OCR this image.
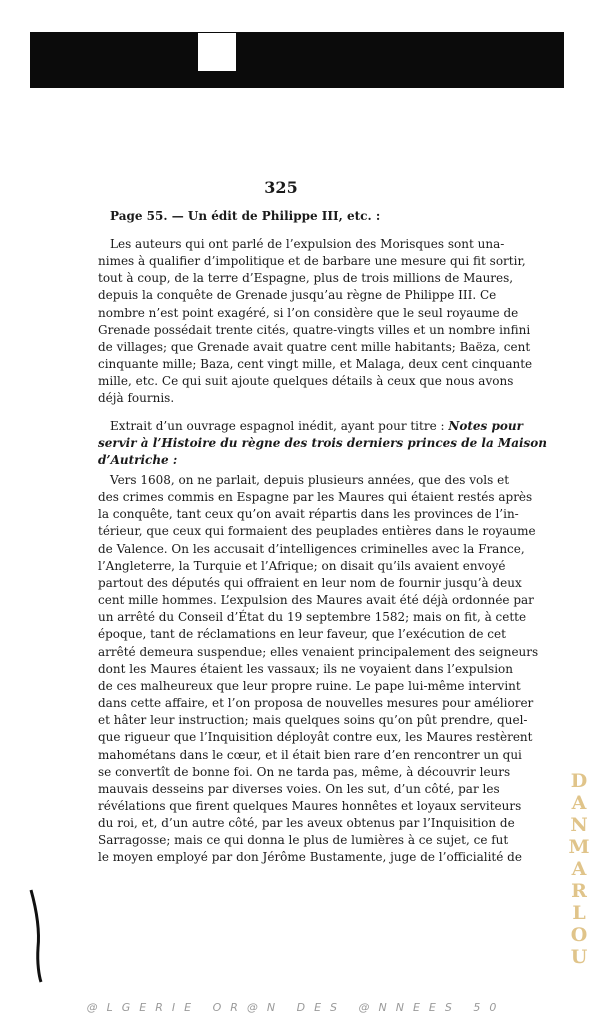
325
Page 55. — Un édit de Philippe III, etc. :
Les auteurs qui ont parlé de l’expulsion des Morisques sont una-
nimes à qualifier d’impolitique et de barbare une mesure qui fit sortir,
tout à coup, de la terre d’Espagne, plus de trois millions de Maures,
depuis la conquête de Grenade jusqu’au règne de Philippe III. Ce
nombre n’est point exagéré, si l’on considère que le seul royaume de
Grenade possédait trente cités, quatre-vingts villes et un nombre infini
de villages; que Grenade avait quatre cent mille habitants; Baëza, cent
cinquante mille; Baza, cent vingt mille, et Malaga, deux cent cinquante
mille, etc. Ce qui suit ajoute quelques détails à ceux que nous avons
déjà fournis.
Extrait d’un ouvrage espagnol inédit, ayant pour titre : Notes pour
servir à l’Histoire du règne des trois derniers princes de la Maison
d’Autriche :
Vers 1608, on ne parlait, depuis plusieurs années, que des vols et
des crimes commis en Espagne par les Maures qui étaient restés après
la conquête, tant ceux qu’on avait répartis dans les provinces de l’in-
térieur, que ceux qui formaient des peuplades entières dans le royaume
de Valence. On les accusait d’intelligences criminelles avec la France,
l’Angleterre, la Turquie et l’Afrique; on disait qu’ils avaient envoyé
partout des députés qui offraient en leur nom de fournir jusqu’à deux
cent mille hommes. L’expulsion des Maures avait été déjà ordonnée par
un arrêté du Conseil d’État du 19 septembre 1582; mais on fit, à cette
époque, tant de réclamations en leur faveur, que l’exécution de cet
arrêté demeura suspendue; elles venaient principalement des seigneurs
dont les Maures étaient les vassaux; ils ne voyaient dans l’expulsion
de ces malheureux que leur propre ruine. Le pape lui-même intervint
dans cette affaire, et l’on proposa de nouvelles mesures pour améliorer
et hâter leur instruction; mais quelques soins qu’on pût prendre, quel-
que rigueur que l’Inquisition déployât contre eux, les Maures restèrent
mahométans dans le cœur, et il était bien rare d’en rencontrer un qui
se convertît de bonne foi. On ne tarda pas, même, à découvrir leurs
mauvais desseins par diverses voies. On les sut, d’un côté, par les
révélations que firent quelques Maures honnêtes et loyaux serviteurs
du roi, et, d’un autre côté, par les aveux obtenus par l’Inquisition de
Sarragosse; mais ce qui donna le plus de lumières à ce sujet, ce fut
le moyen employé par don Jérôme Bustamente, juge de l’officialité de	DANMARLOU
@LGERIE OR@N DES @NNEES 50
